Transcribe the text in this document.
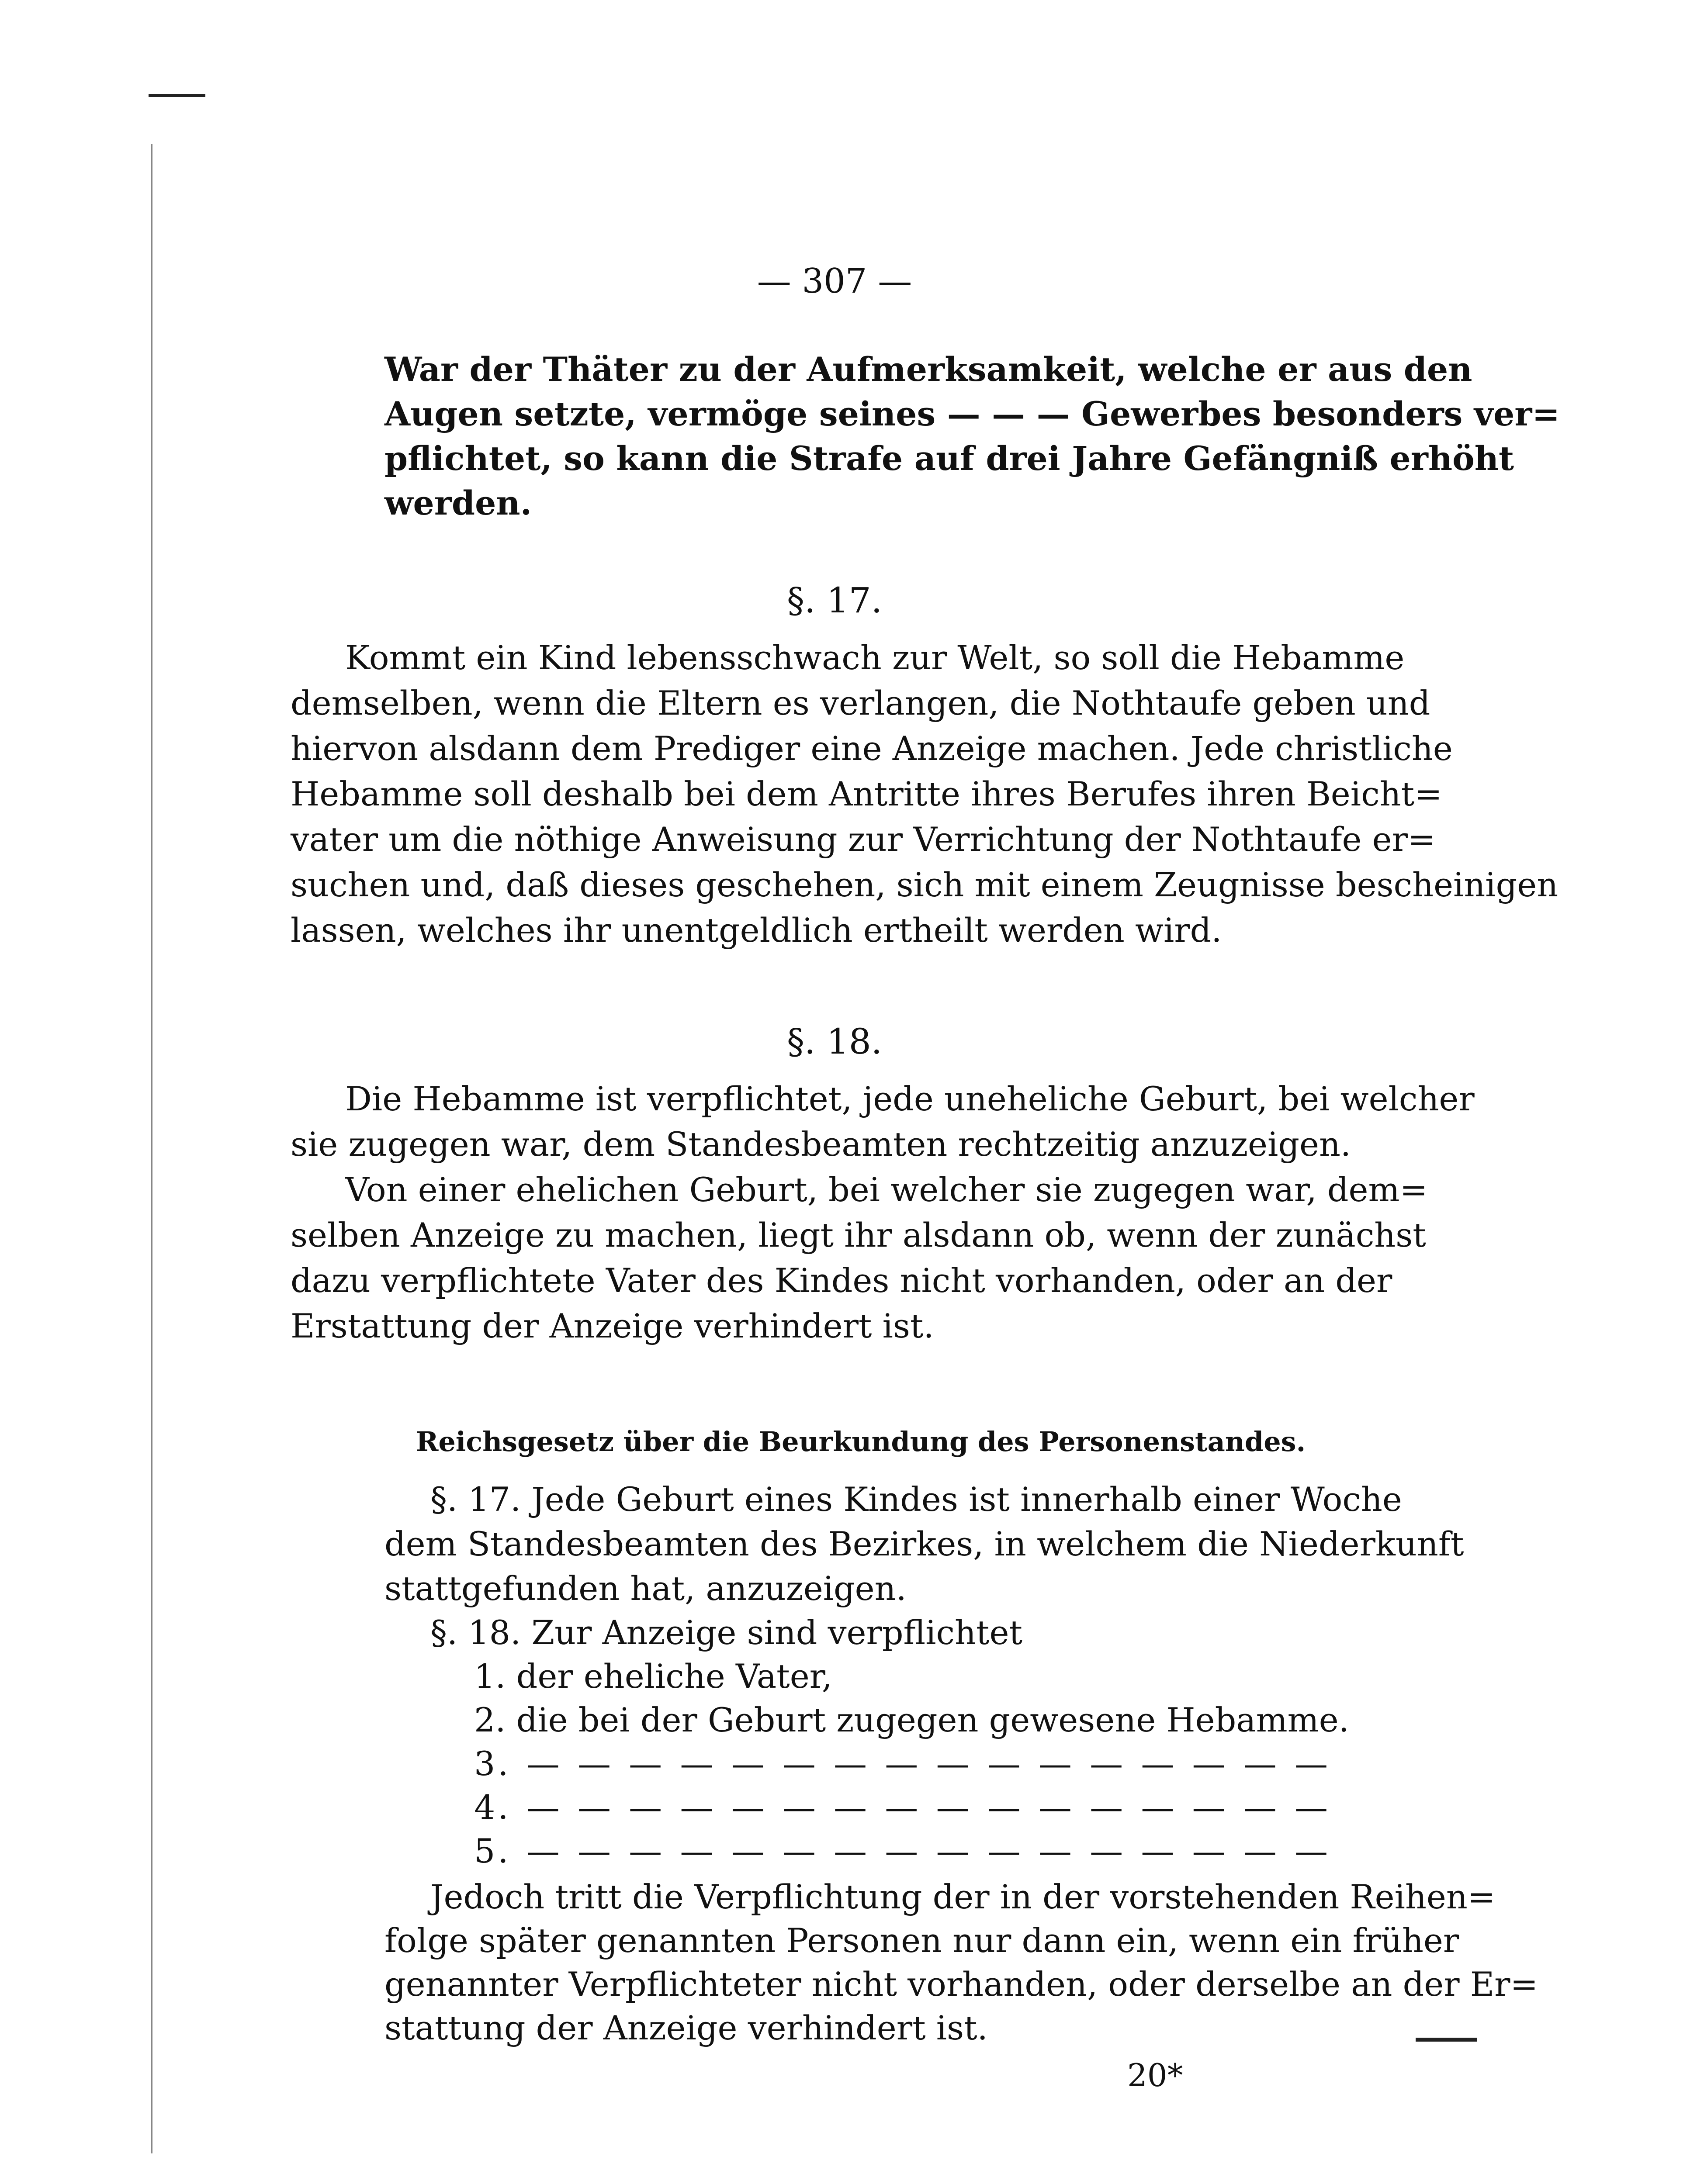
— 307 —
War der Thäter zu der Aufmerksamkeit, welche er aus den
Augen setzte, vermöge seines — — — Gewerbes besonders ver=
pflichtet, so kann die Strafe auf drei Jahre Gefängniß erhöht
werden.
§. 17.
Kommt ein Kind lebensschwach zur Welt, so soll die Hebamme
demselben, wenn die Eltern es verlangen, die Nothtaufe geben und
hiervon alsdann dem Prediger eine Anzeige machen. Jede christliche
Hebamme soll deshalb bei dem Antritte ihres Berufes ihren Beicht=
vater um die nöthige Anweisung zur Verrichtung der Nothtaufe er=
suchen und, daß dieses geschehen, sich mit einem Zeugnisse bescheinigen
lassen, welches ihr unentgeldlich ertheilt werden wird.
§. 18.
Die Hebamme ist verpflichtet, jede uneheliche Geburt, bei welcher
sie zugegen war, dem Standesbeamten rechtzeitig anzuzeigen.
Von einer ehelichen Geburt, bei welcher sie zugegen war, dem=
selben Anzeige zu machen, liegt ihr alsdann ob, wenn der zunächst
dazu verpflichtete Vater des Kindes nicht vorhanden, oder an der
Erstattung der Anzeige verhindert ist.
Reichsgesetz über die Beurkundung des Personenstandes.
§. 17. Jede Geburt eines Kindes ist innerhalb einer Woche
dem Standesbeamten des Bezirkes, in welchem die Niederkunft
stattgefunden hat, anzuzeigen.
§. 18. Zur Anzeige sind verpflichtet
1. der eheliche Vater,
2. die bei der Geburt zugegen gewesene Hebamme.
3. — — — — — — — — — — — — — — — —
4. — — — — — — — — — — — — — — — —
5. — — — — — — — — — — — — — — — —
Jedoch tritt die Verpflichtung der in der vorstehenden Reihen=
folge später genannten Personen nur dann ein, wenn ein früher
genannter Verpflichteter nicht vorhanden, oder derselbe an der Er=
stattung der Anzeige verhindert ist.
20*
